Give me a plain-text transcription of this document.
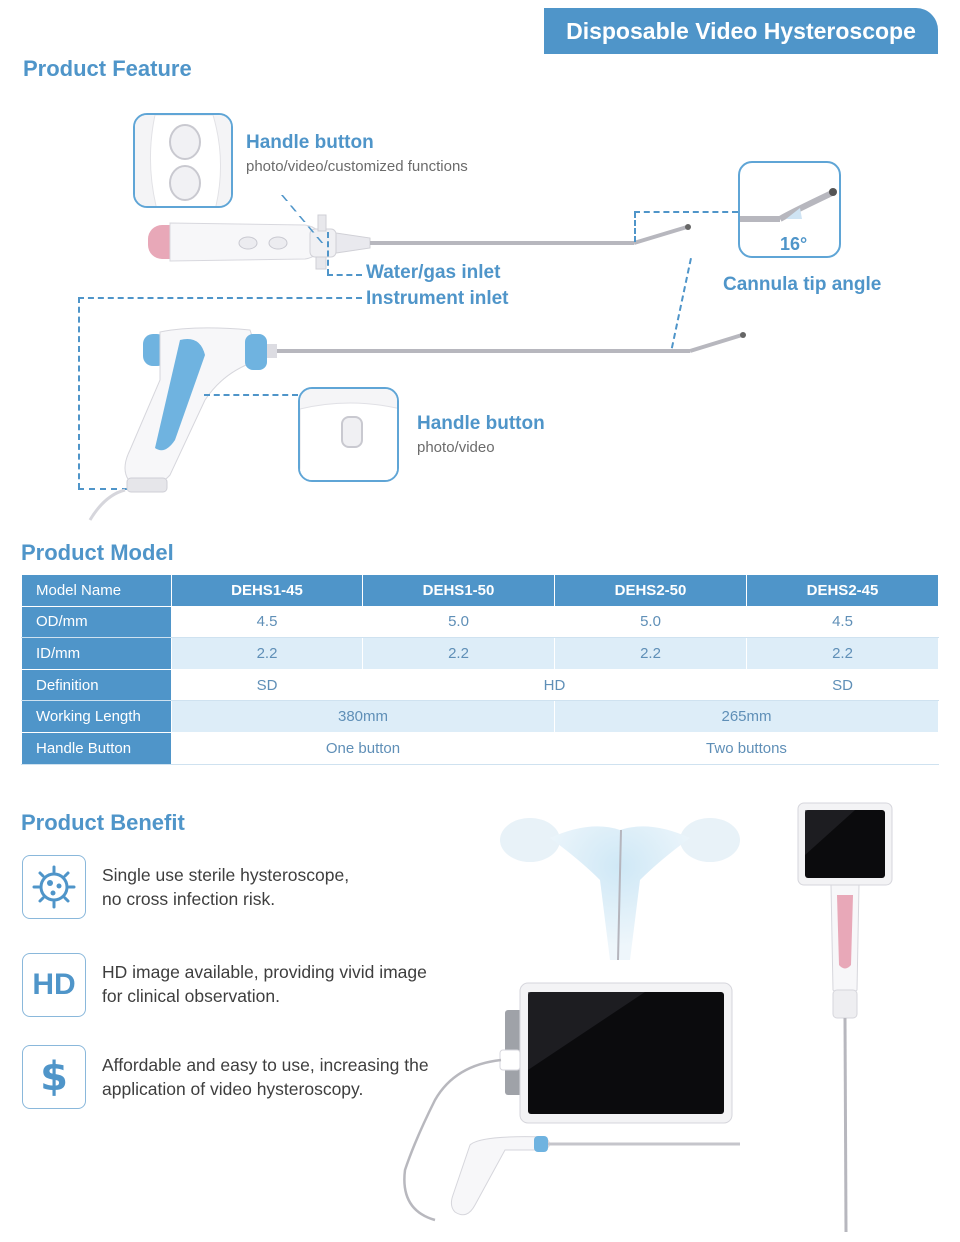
Disposable Video Hysteroscope
Product Feature
Handle button
photo/video/customized functions
Water/gas inlet
Instrument inlet
16°
Cannula tip angle
Handle button
photo/video
Product Model
Model Name	DEHS1-45	DEHS1-50	DEHS2-50	DEHS2-45
OD/mm	4.5	5.0	5.0	4.5
ID/mm	2.2	2.2	2.2	2.2
Definition	SD	HD		SD
Working Length	380mm		265mm	
Handle Button	One button		Two buttons	
Product Benefit
Single use sterile hysteroscope,
no cross infection risk.
HD HD image available, providing vivid image
for clinical observation.
$ Affordable and easy to use, increasing the
application of video hysteroscopy.
